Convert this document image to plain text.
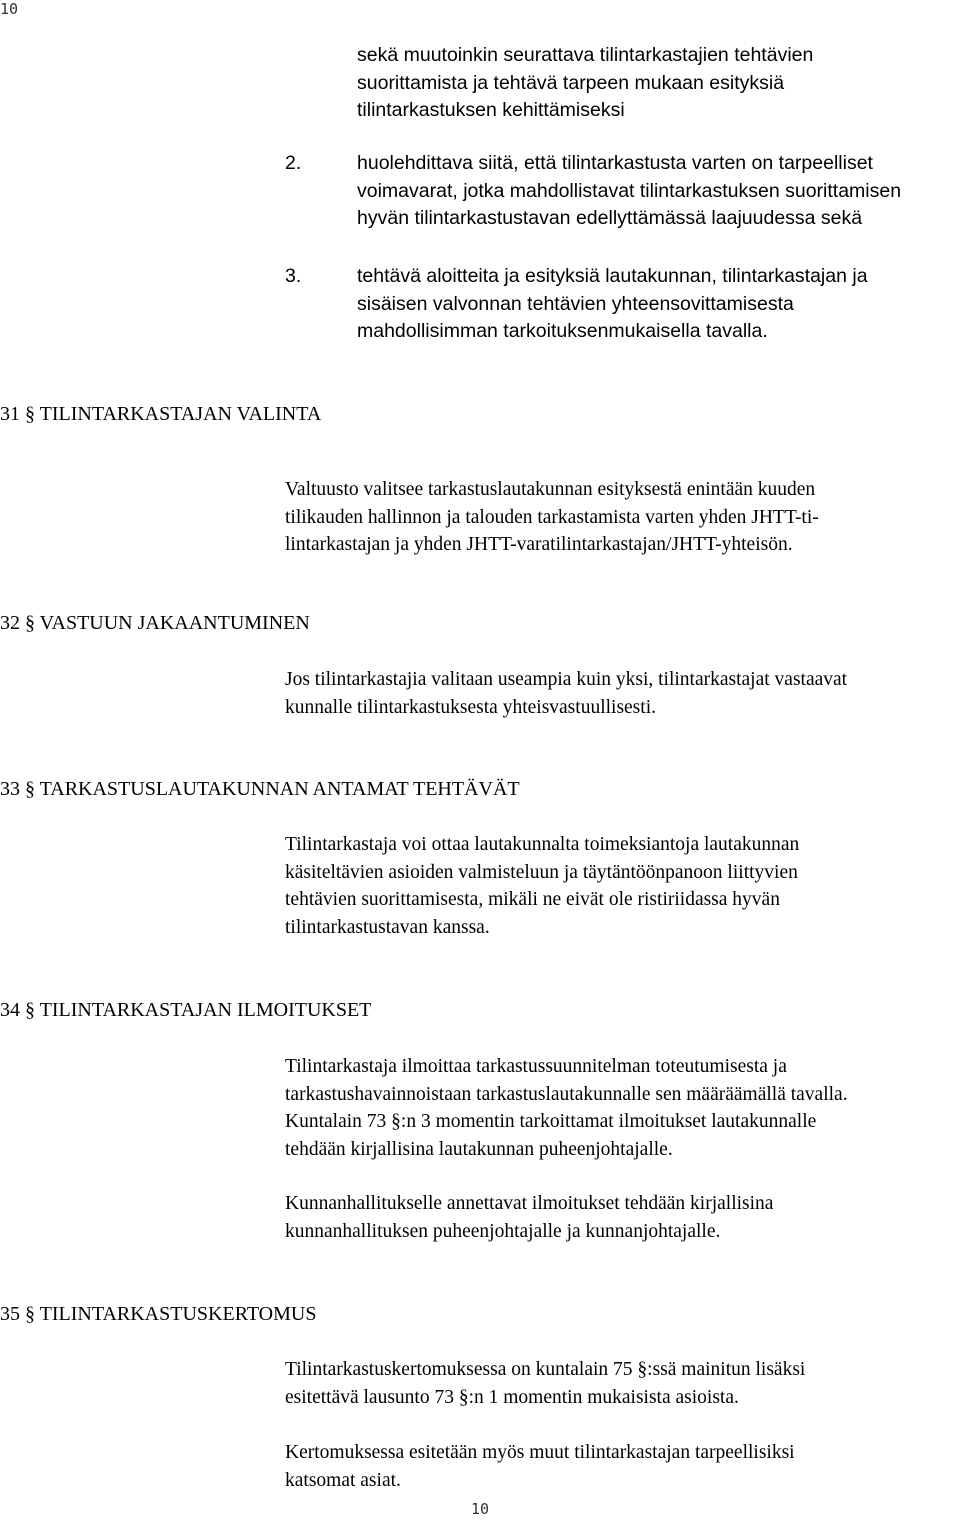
10
sekä muutoinkin seurattava tilintarkastajien tehtävien
suorittamista ja tehtävä tarpeen mukaan esityksiä
tilintarkastuksen kehittämiseksi
2.	huolehdittava siitä, että tilintarkastusta varten on tarpeelliset
voimavarat, jotka mahdollistavat tilintarkastuksen suorittamisen
hyvän tilintarkastustavan edellyttämässä laajuudessa sekä
3.	tehtävä aloitteita ja esityksiä lautakunnan, tilintarkastajan ja
sisäisen valvonnan tehtävien yhteensovittamisesta
mahdollisimman tarkoituksenmukaisella tavalla.
31 § TILINTARKASTAJAN VALINTA
Valtuusto valitsee tarkastuslautakunnan esityksestä enintään kuuden
tilikauden hallinnon ja talouden tarkastamista varten yhden JHTT-ti-
lintarkastajan ja yhden JHTT-varatilintarkastajan/JHTT-yhteisön.
32 § VASTUUN JAKAANTUMINEN
Jos tilintarkastajia valitaan useampia kuin yksi, tilintarkastajat vastaavat
kunnalle tilintarkastuksesta yhteisvastuullisesti.
33 § TARKASTUSLAUTAKUNNAN ANTAMAT TEHTÄVÄT
Tilintarkastaja voi ottaa lautakunnalta toimeksiantoja lautakunnan
käsiteltävien asioiden valmisteluun ja täytäntöönpanoon liittyvien
tehtävien suorittamisesta, mikäli ne eivät ole ristiriidassa hyvän
tilintarkastustavan kanssa.
34 § TILINTARKASTAJAN ILMOITUKSET
Tilintarkastaja ilmoittaa tarkastussuunnitelman toteutumisesta ja
tarkastushavainnoistaan tarkastuslautakunnalle sen määräämällä tavalla.
Kuntalain 73 §:n 3 momentin tarkoittamat ilmoitukset lautakunnalle
tehdään kirjallisina lautakunnan puheenjohtajalle.
Kunnanhallitukselle annettavat ilmoitukset tehdään kirjallisina
kunnanhallituksen puheenjohtajalle ja kunnanjohtajalle.
35 § TILINTARKASTUSKERTOMUS
Tilintarkastuskertomuksessa on kuntalain 75 §:ssä mainitun lisäksi
esitettävä lausunto 73 §:n 1 momentin mukaisista asioista.
Kertomuksessa esitetään myös muut tilintarkastajan tarpeellisiksi
katsomat asiat.
10
